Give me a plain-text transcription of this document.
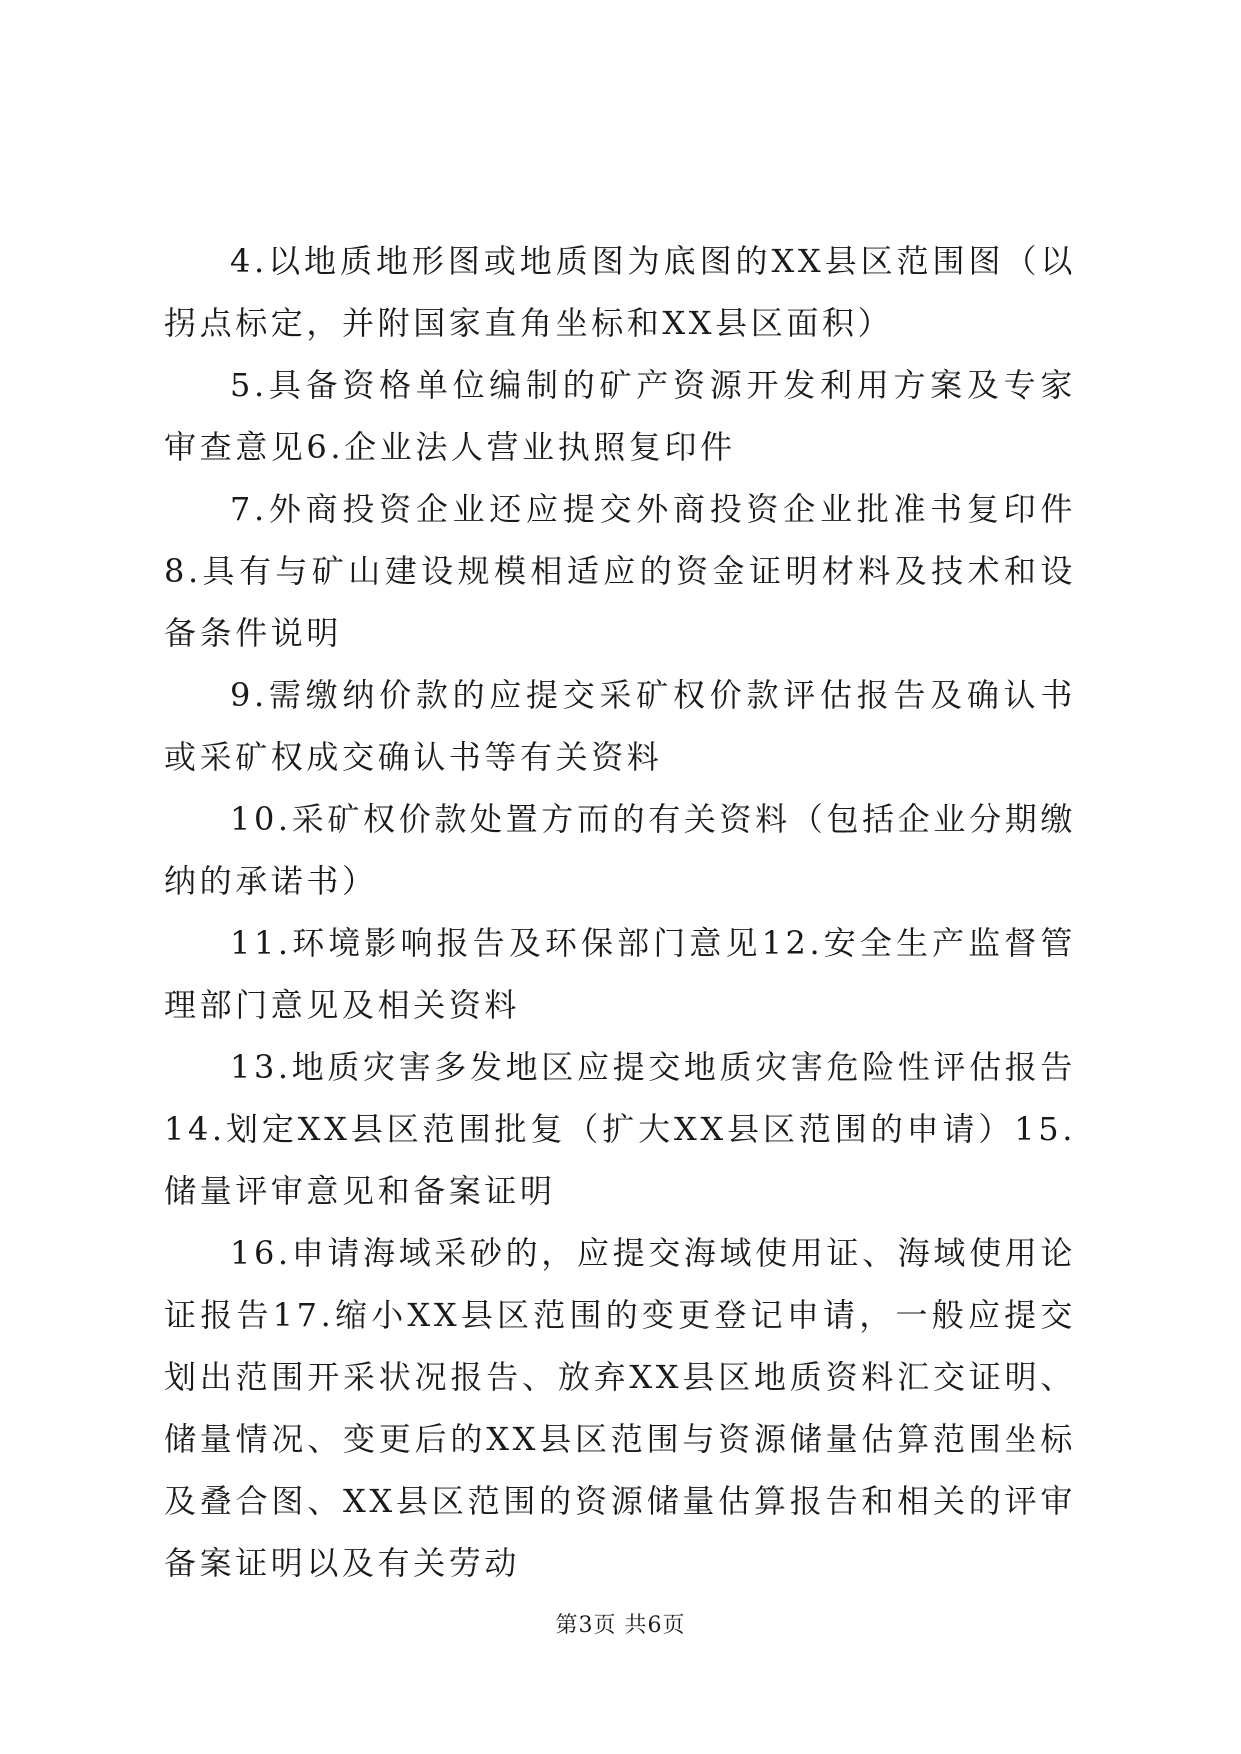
4.以地质地形图或地质图为底图的XX县区范围图（以拐点标定，并附国家直角坐标和XX县区面积）

5.具备资格单位编制的矿产资源开发利用方案及专家审查意见6.企业法人营业执照复印件

7.外商投资企业还应提交外商投资企业批准书复印件8.具有与矿山建设规模相适应的资金证明材料及技术和设备条件说明

9.需缴纳价款的应提交采矿权价款评估报告及确认书或采矿权成交确认书等有关资料

10.采矿权价款处置方而的有关资料（包括企业分期缴纳的承诺书）

11.环境影响报告及环保部门意见12.安全生产监督管理部门意见及相关资料

13.地质灾害多发地区应提交地质灾害危险性评估报告14.划定XX县区范围批复（扩大XX县区范围的申请）15.储量评审意见和备案证明

16.申请海域采砂的，应提交海域使用证、海域使用论证报告17.缩小XX县区范围的变更登记申请，一般应提交划出范围开采状况报告、放弃XX县区地质资料汇交证明、储量情况、变更后的XX县区范围与资源储量估算范围坐标及叠合图、XX县区范围的资源储量估算报告和相关的评审备案证明以及有关劳动

第3页 共6页
